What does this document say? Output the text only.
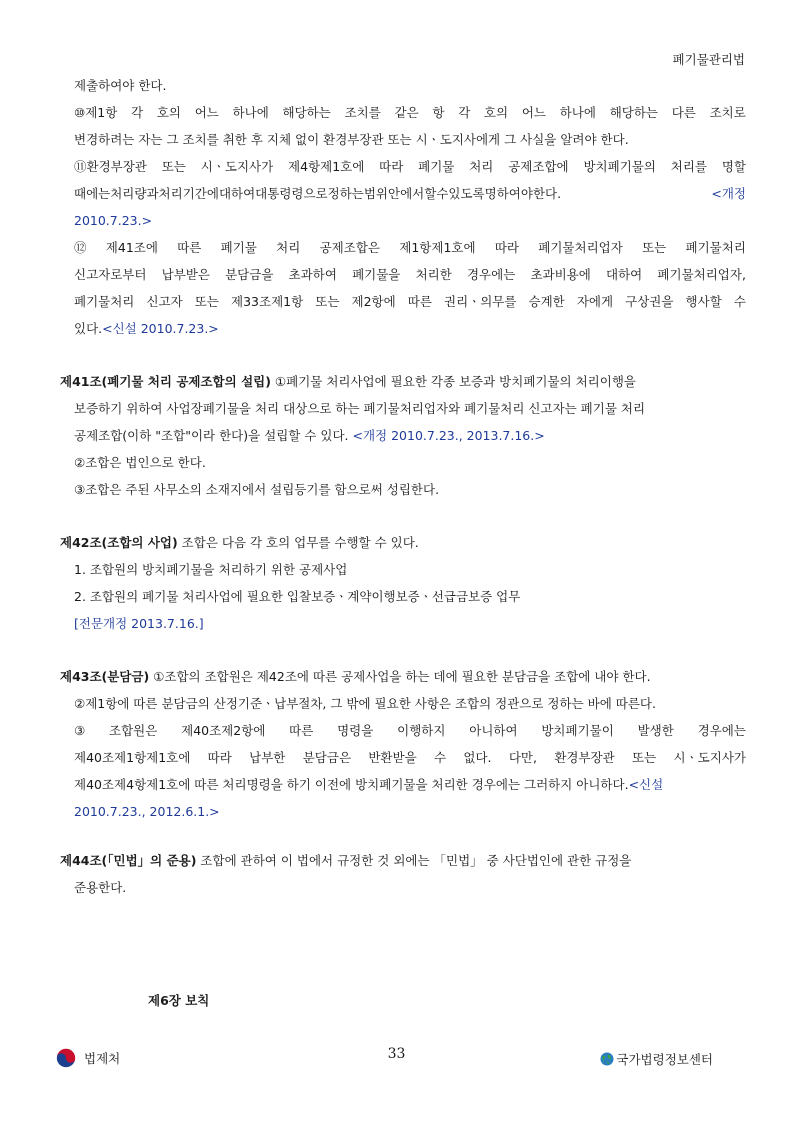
폐기물관리법
제출하여야 한다.
⑩제1항 각 호의 어느 하나에 해당하는 조치를 같은 항 각 호의 어느 하나에 해당하는 다른 조치로
변경하려는 자는 그 조치를 취한 후 지체 없이 환경부장관 또는 시ㆍ도지사에게 그 사실을 알려야 한다.
⑪환경부장관 또는 시ㆍ도지사가 제4항제1호에 따라 폐기물 처리 공제조합에 방치폐기물의 처리를 명할
때에는처리량과처리기간에대하여대통령령으로정하는범위안에서할수있도록명하여야한다.	<개정
2010.7.23.>
⑫ 제41조에 따른 폐기물 처리 공제조합은 제1항제1호에 따라 폐기물처리업자 또는 폐기물처리
신고자로부터 납부받은 분담금을 초과하여 폐기물을 처리한 경우에는 초과비용에 대하여 폐기물처리업자,
폐기물처리 신고자 또는 제33조제1항 또는 제2항에 따른 권리ㆍ의무를 승계한 자에게 구상권을 행사할 수
있다.<신설 2010.7.23.>
제41조(폐기물 처리 공제조합의 설립) ①폐기물 처리사업에 필요한 각종 보증과 방치폐기물의 처리이행을
보증하기 위하여 사업장폐기물을 처리 대상으로 하는 폐기물처리업자와 폐기물처리 신고자는 폐기물 처리
공제조합(이하 "조합"이라 한다)을 설립할 수 있다. <개정 2010.7.23., 2013.7.16.>
②조합은 법인으로 한다.
③조합은 주된 사무소의 소재지에서 설립등기를 함으로써 성립한다.
제42조(조합의 사업) 조합은 다음 각 호의 업무를 수행할 수 있다.
1. 조합원의 방치폐기물을 처리하기 위한 공제사업
2. 조합원의 폐기물 처리사업에 필요한 입찰보증ㆍ계약이행보증ㆍ선급금보증 업무
[전문개정 2013.7.16.]
제43조(분담금) ①조합의 조합원은 제42조에 따른 공제사업을 하는 데에 필요한 분담금을 조합에 내야 한다.
②제1항에 따른 분담금의 산정기준ㆍ납부절차, 그 밖에 필요한 사항은 조합의 정관으로 정하는 바에 따른다.
③ 조합원은 제40조제2항에 따른 명령을 이행하지 아니하여 방치폐기물이 발생한 경우에는
제40조제1항제1호에 따라 납부한 분담금은 반환받을 수 없다. 다만, 환경부장관 또는 시ㆍ도지사가
제40조제4항제1호에 따른 처리명령을 하기 이전에 방치폐기물을 처리한 경우에는 그러하지 아니하다.<신설
2010.7.23., 2012.6.1.>
제44조(「민법」의 준용) 조합에 관하여 이 법에서 규정한 것 외에는 「민법」 중 사단법인에 관한 규정을
준용한다.
제6장 보칙
법제처	33	국가법령정보센터
